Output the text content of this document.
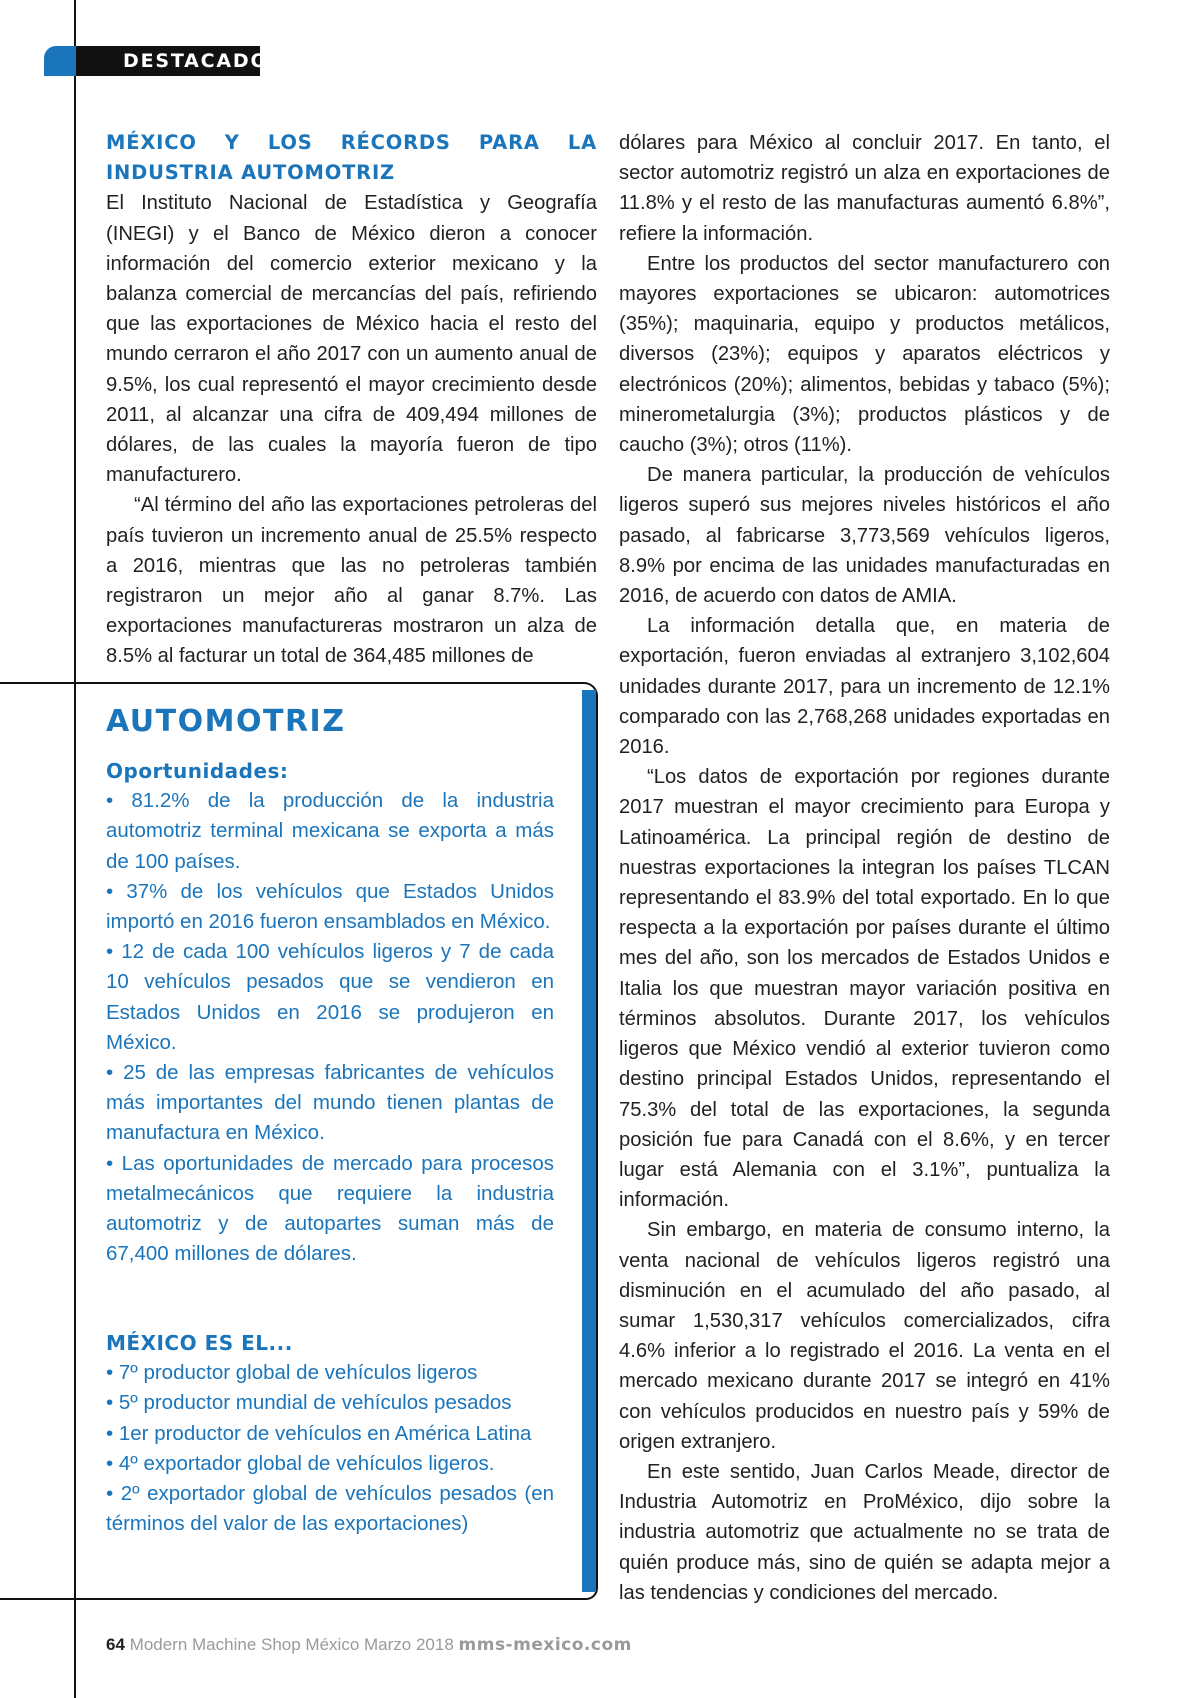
DESTACADOS

MÉXICO Y LOS RÉCORDS PARA LA INDUSTRIA AUTOMOTRIZ

El Instituto Nacional de Estadística y Geografía (INEGI) y el Banco de México dieron a conocer información del comercio exterior mexicano y la balanza comercial de mercancías del país, refiriendo que las exportaciones de México hacia el resto del mundo cerraron el año 2017 con un aumento anual de 9.5%, los cual representó el mayor crecimiento desde 2011, al alcanzar una cifra de 409,494 millones de dólares, de las cuales la mayoría fueron de tipo manufacturero.

“Al término del año las exportaciones petroleras del país tuvieron un incremento anual de 25.5% respecto a 2016, mientras que las no petroleras también registraron un mejor año al ganar 8.7%. Las exportaciones manufactureras mostraron un alza de 8.5% al facturar un total de 364,485 millones de

dólares para México al concluir 2017. En tanto, el sector automotriz registró un alza en exportaciones de 11.8% y el resto de las manufacturas aumentó 6.8%”, refiere la información.

Entre los productos del sector manufacturero con mayores exportaciones se ubicaron: automotrices (35%); maquinaria, equipo y productos metálicos, diversos (23%); equipos y aparatos eléctricos y electrónicos (20%); alimentos, bebidas y tabaco (5%); minerometalurgia (3%); productos plásticos y de caucho (3%); otros (11%).

De manera particular, la producción de vehículos ligeros superó sus mejores niveles históricos el año pasado, al fabricarse 3,773,569 vehículos ligeros, 8.9% por encima de las unidades manufacturadas en 2016, de acuerdo con datos de AMIA.

La información detalla que, en materia de exportación, fueron enviadas al extranjero 3,102,604 unidades durante 2017, para un incremento de 12.1% comparado con las 2,768,268 unidades exportadas en 2016.

“Los datos de exportación por regiones durante 2017 muestran el mayor crecimiento para Europa y Latinoamérica. La principal región de destino de nuestras exportaciones la integran los países TLCAN representando el 83.9% del total exportado. En lo que respecta a la exportación por países durante el último mes del año, son los mercados de Estados Unidos e Italia los que muestran mayor variación positiva en términos absolutos. Durante 2017, los vehículos ligeros que México vendió al exterior tuvieron como destino principal Estados Unidos, representando el 75.3% del total de las exportaciones, la segunda posición fue para Canadá con el 8.6%, y en tercer lugar está Alemania con el 3.1%”, puntualiza la información.

Sin embargo, en materia de consumo interno, la venta nacional de vehículos ligeros registró una disminución en el acumulado del año pasado, al sumar 1,530,317 vehículos comercializados, cifra 4.6% inferior a lo registrado el 2016. La venta en el mercado mexicano durante 2017 se integró en 41% con vehículos producidos en nuestro país y 59% de origen extranjero.

En este sentido, Juan Carlos Meade, director de Industria Automotriz en ProMéxico, dijo sobre la industria automotriz que actualmente no se trata de quién produce más, sino de quién se adapta mejor a las tendencias y condiciones del mercado.

AUTOMOTRIZ

Oportunidades:

• 81.2% de la producción de la industria automotriz terminal mexicana se exporta a más de 100 países.

• 37% de los vehículos que Estados Unidos importó en 2016 fueron ensamblados en México.

• 12 de cada 100 vehículos ligeros y 7 de cada 10 vehículos pesados que se vendieron en Estados Unidos en 2016 se produjeron en México.

• 25 de las empresas fabricantes de vehículos más importantes del mundo tienen plantas de manufactura en México.

• Las oportunidades de mercado para procesos metalmecánicos que requiere la industria automotriz y de autopartes suman más de 67,400 millones de dólares.

MÉXICO ES EL...

• 7º productor global de vehículos ligeros

• 5º productor mundial de vehículos pesados

• 1er productor de vehículos en América Latina

• 4º exportador global de vehículos ligeros.

• 2º exportador global de vehículos pesados (en términos del valor de las exportaciones)

64 Modern Machine Shop México Marzo 2018 mms-mexico.com
